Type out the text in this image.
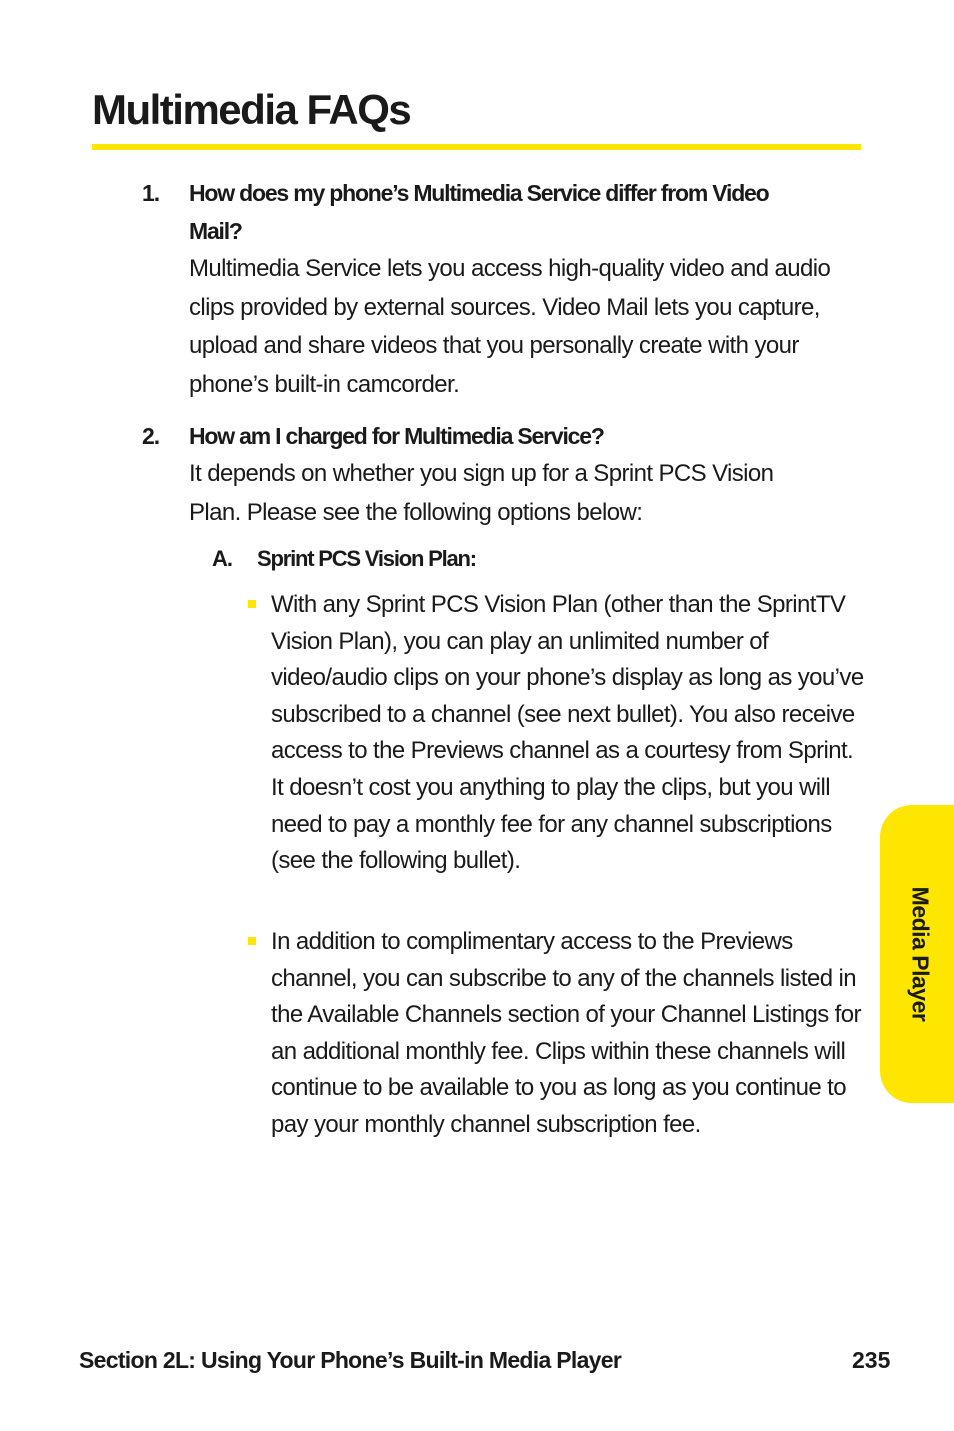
Multimedia FAQs
1. How does my phone’s Multimedia Service differ from Video Mail?

Multimedia Service lets you access high-quality video and audio clips provided by external sources. Video Mail lets you capture, upload and share videos that you personally create with your phone’s built-in camcorder.

2. How am I charged for Multimedia Service?

It depends on whether you sign up for a Sprint PCS Vision Plan. Please see the following options below:

A. Sprint PCS Vision Plan:

With any Sprint PCS Vision Plan (other than the SprintTV Vision Plan), you can play an unlimited number of video/audio clips on your phone’s display as long as you’ve subscribed to a channel (see next bullet). You also receive access to the Previews channel as a courtesy from Sprint. It doesn’t cost you anything to play the clips, but you will need to pay a monthly fee for any channel subscriptions (see the following bullet).

In addition to complimentary access to the Previews channel, you can subscribe to any of the channels listed in the Available Channels section of your Channel Listings for an additional monthly fee. Clips within these channels will continue to be available to you as long as you continue to pay your monthly channel subscription fee.

Media Player
Section 2L: Using Your Phone’s Built-in Media Player	235
